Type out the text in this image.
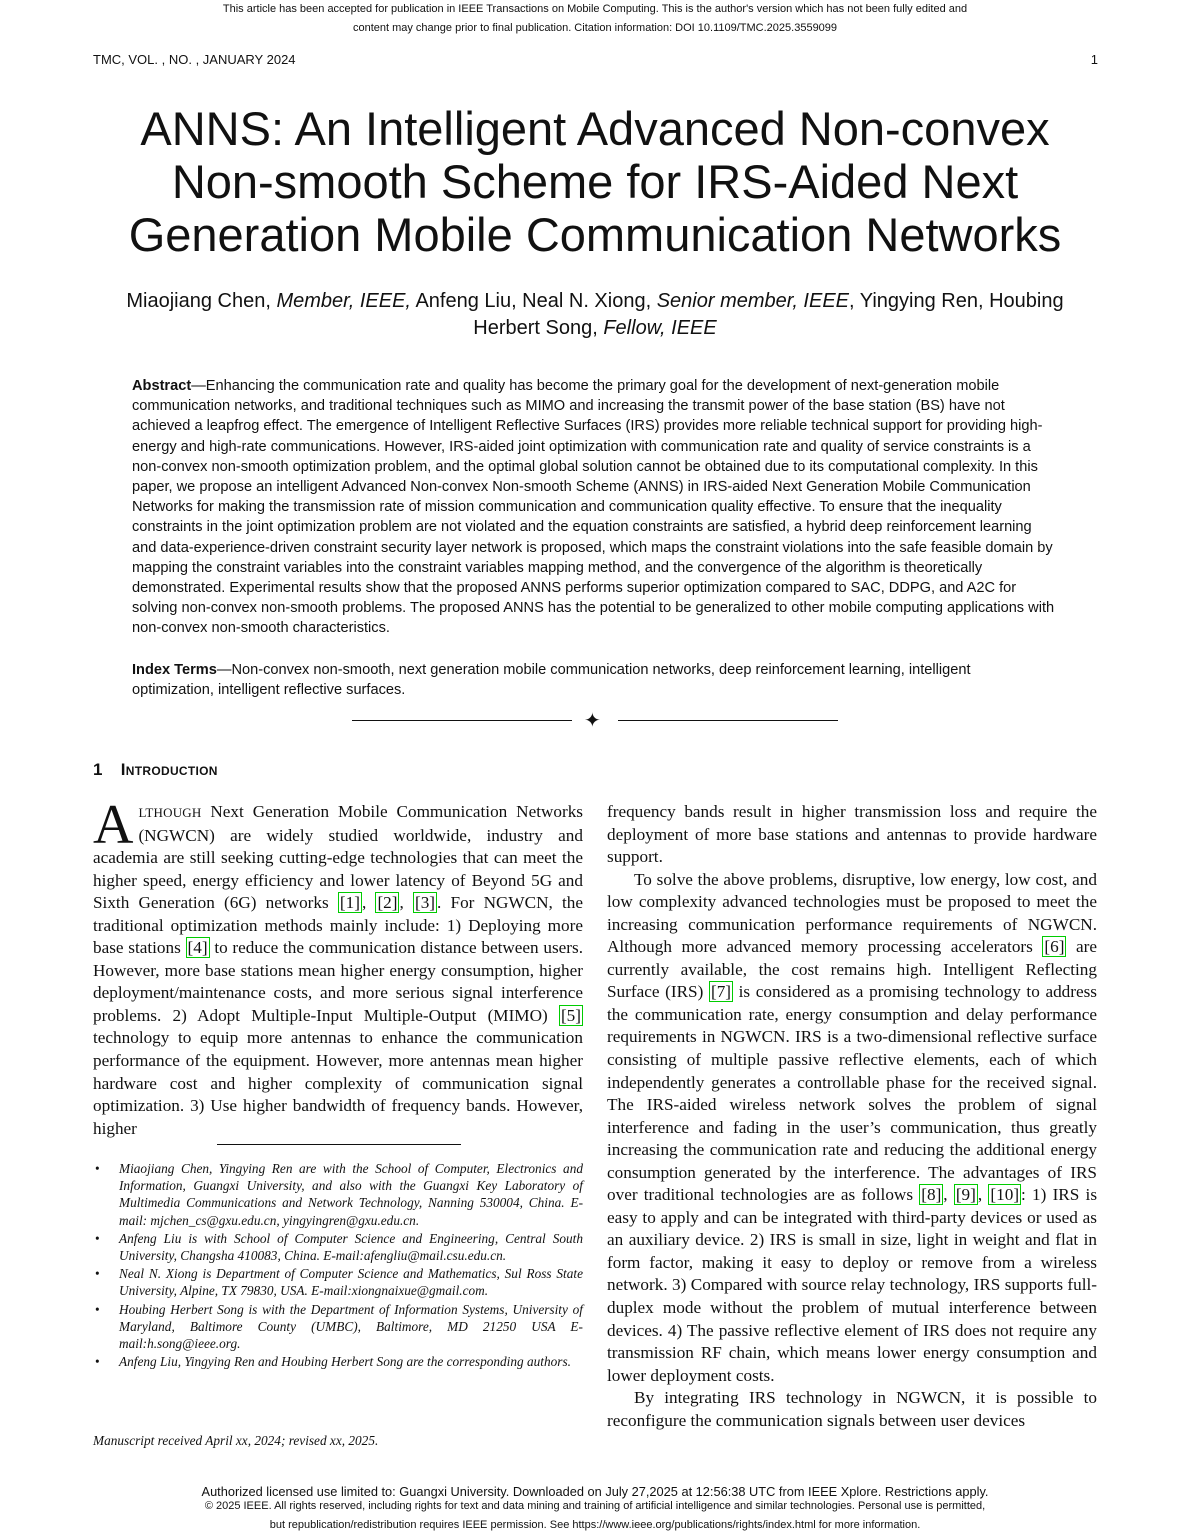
This article has been accepted for publication in IEEE Transactions on Mobile Computing. This is the author's version which has not been fully edited and
content may change prior to final publication. Citation information: DOI 10.1109/TMC.2025.3559099
TMC, VOL. , NO. , JANUARY 2024	1
ANNS: An Intelligent Advanced Non-convex
Non-smooth Scheme for IRS-Aided Next
Generation Mobile Communication Networks
Miaojiang Chen, Member, IEEE, Anfeng Liu, Neal N. Xiong, Senior member, IEEE, Yingying Ren, Houbing
Herbert Song, Fellow, IEEE
Abstract—Enhancing the communication rate and quality has become the primary goal for the development of next-generation mobile communication networks, and traditional techniques such as MIMO and increasing the transmit power of the base station (BS) have not achieved a leapfrog effect. The emergence of Intelligent Reflective Surfaces (IRS) provides more reliable technical support for providing high-energy and high-rate communications. However, IRS-aided joint optimization with communication rate and quality of service constraints is a non-convex non-smooth optimization problem, and the optimal global solution cannot be obtained due to its computational complexity. In this paper, we propose an intelligent Advanced Non-convex Non-smooth Scheme (ANNS) in IRS-aided Next Generation Mobile Communication Networks for making the transmission rate of mission communication and communication quality effective. To ensure that the inequality constraints in the joint optimization problem are not violated and the equation constraints are satisfied, a hybrid deep reinforcement learning and data-experience-driven constraint security layer network is proposed, which maps the constraint violations into the safe feasible domain by mapping the constraint variables into the constraint variables mapping method, and the convergence of the algorithm is theoretically demonstrated. Experimental results show that the proposed ANNS performs superior optimization compared to SAC, DDPG, and A2C for solving non-convex non-smooth problems. The proposed ANNS has the potential to be generalized to other mobile computing applications with non-convex non-smooth characteristics.
Index Terms—Non-convex non-smooth, next generation mobile communication networks, deep reinforcement learning, intelligent optimization, intelligent reflective surfaces.
✦
1 Introduction

ALTHOUGH Next Generation Mobile Communication Networks (NGWCN) are widely studied worldwide, industry and academia are still seeking cutting-edge technologies that can meet the higher speed, energy efficiency and lower latency of Beyond 5G and Sixth Generation (6G) networks [1] , [2] , [3] . For NGWCN, the traditional optimization methods mainly include: 1) Deploying more base stations [4] to reduce the communication distance between users. However, more base stations mean higher energy consumption, higher deployment/maintenance costs, and more serious signal interference problems. 2) Adopt Multiple-Input Multiple-Output (MIMO) [5] technology to equip more antennas to enhance the communication performance of the equipment. However, more antennas mean higher hardware cost and higher complexity of communication signal optimization. 3) Use higher bandwidth of frequency bands. However, higher

• Miaojiang Chen, Yingying Ren are with the School of Computer, Electronics and Information, Guangxi University, and also with the Guangxi Key Laboratory of Multimedia Communications and Network Technology, Nanning 530004, China. E-mail: mjchen_cs@gxu.edu.cn, yingyingren@gxu.edu.cn.
• Anfeng Liu is with School of Computer Science and Engineering, Central South University, Changsha 410083, China. E-mail:afengliu@mail.csu.edu.cn.
• Neal N. Xiong is Department of Computer Science and Mathematics, Sul Ross State University, Alpine, TX 79830, USA. E-mail:xiongnaixue@gmail.com.
• Houbing Herbert Song is with the Department of Information Systems, University of Maryland, Baltimore County (UMBC), Baltimore, MD 21250 USA E-mail:h.song@ieee.org.
• Anfeng Liu, Yingying Ren and Houbing Herbert Song are the corresponding authors.
Manuscript received April xx, 2024; revised xx, 2025.

frequency bands result in higher transmission loss and require the deployment of more base stations and antennas to provide hardware support.

To solve the above problems, disruptive, low energy, low cost, and low complexity advanced technologies must be proposed to meet the increasing communication performance requirements of NGWCN. Although more advanced memory processing accelerators [6] are currently available, the cost remains high. Intelligent Reflecting Surface (IRS) [7] is considered as a promising technology to address the communication rate, energy consumption and delay performance requirements in NGWCN. IRS is a two-dimensional reflective surface consisting of multiple passive reflective elements, each of which independently generates a controllable phase for the received signal. The IRS-aided wireless network solves the problem of signal interference and fading in the user’s communication, thus greatly increasing the communication rate and reducing the additional energy consumption generated by the interference. The advantages of IRS over traditional technologies are as follows [8] , [9] , [10] : 1) IRS is easy to apply and can be integrated with third-party devices or used as an auxiliary device. 2) IRS is small in size, light in weight and flat in form factor, making it easy to deploy or remove from a wireless network. 3) Compared with source relay technology, IRS supports full-duplex mode without the problem of mutual interference between devices. 4) The passive reflective element of IRS does not require any transmission RF chain, which means lower energy consumption and lower deployment costs.

By integrating IRS technology in NGWCN, it is possible to reconfigure the communication signals between user devices

Authorized licensed use limited to: Guangxi University. Downloaded on July 27,2025 at 12:56:38 UTC from IEEE Xplore. Restrictions apply.
© 2025 IEEE. All rights reserved, including rights for text and data mining and training of artificial intelligence and similar technologies. Personal use is permitted,
but republication/redistribution requires IEEE permission. See https://www.ieee.org/publications/rights/index.html for more information.
